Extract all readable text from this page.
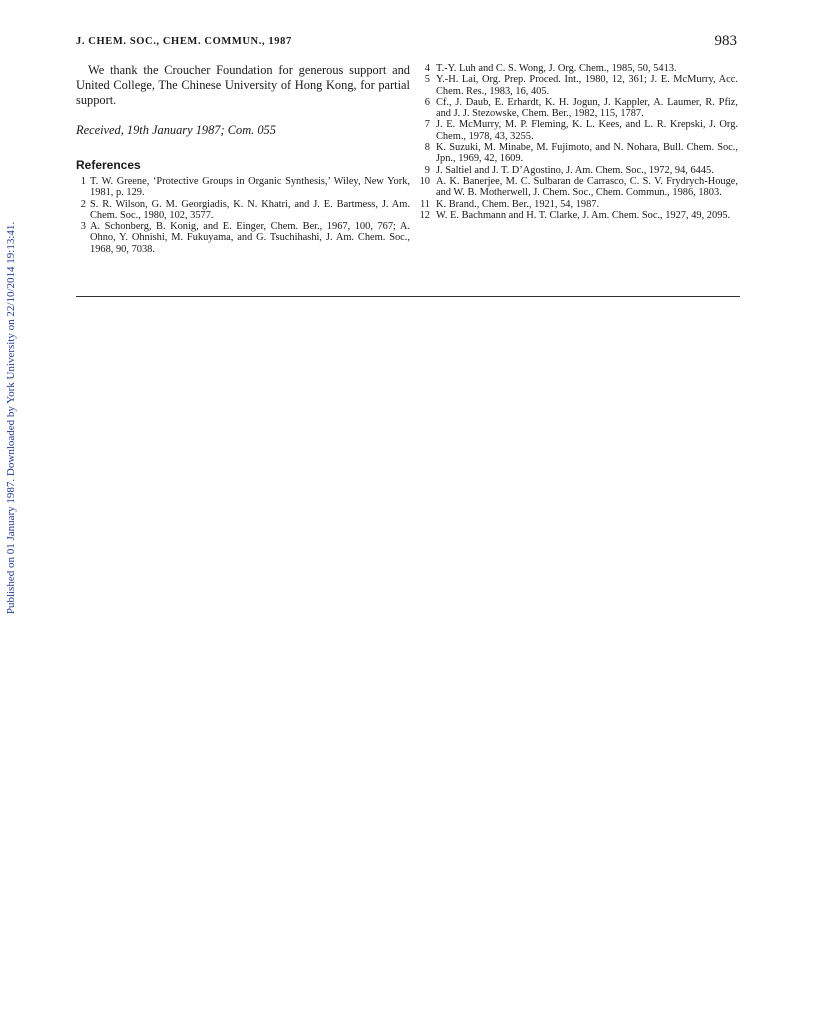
J. CHEM. SOC., CHEM. COMMUN., 1987	983

We thank the Croucher Foundation for generous support and United College, The Chinese University of Hong Kong, for partial support.

Received, 19th January 1987; Com. 055

References

1 T. W. Greene, ‘Protective Groups in Organic Synthesis,’ Wiley, New York, 1981, p. 129.

2 S. R. Wilson, G. M. Georgiadis, K. N. Khatri, and J. E. Bartmess, J. Am. Chem. Soc., 1980, 102, 3577.

3 A. Schonberg, B. Konig, and E. Einger, Chem. Ber., 1967, 100, 767; A. Ohno, Y. Ohnishi, M. Fukuyama, and G. Tsuchihashi, J. Am. Chem. Soc., 1968, 90, 7038.

4 T.-Y. Luh and C. S. Wong, J. Org. Chem., 1985, 50, 5413.

5 Y.-H. Lai, Org. Prep. Proced. Int., 1980, 12, 361; J. E. McMurry, Acc. Chem. Res., 1983, 16, 405.

6 Cf., J. Daub, E. Erhardt, K. H. Jogun, J. Kappler, A. Laumer, R. Pfiz, and J. J. Stezowske, Chem. Ber., 1982, 115, 1787.

7 J. E. McMurry, M. P. Fleming, K. L. Kees, and L. R. Krepski, J. Org. Chem., 1978, 43, 3255.

8 K. Suzuki, M. Minabe, M. Fujimoto, and N. Nohara, Bull. Chem. Soc., Jpn., 1969, 42, 1609.

9 J. Saltiel and J. T. D’Agostino, J. Am. Chem. Soc., 1972, 94, 6445.

10 A. K. Banerjee, M. C. Sulbaran de Carrasco, C. S. V. Frydrych-Houge, and W. B. Motherwell, J. Chem. Soc., Chem. Commun., 1986, 1803.

11 K. Brand., Chem. Ber., 1921, 54, 1987.

12 W. E. Bachmann and H. T. Clarke, J. Am. Chem. Soc., 1927, 49, 2095.

Published on 01 January 1987. Downloaded by York University on 22/10/2014 19:13:41.
